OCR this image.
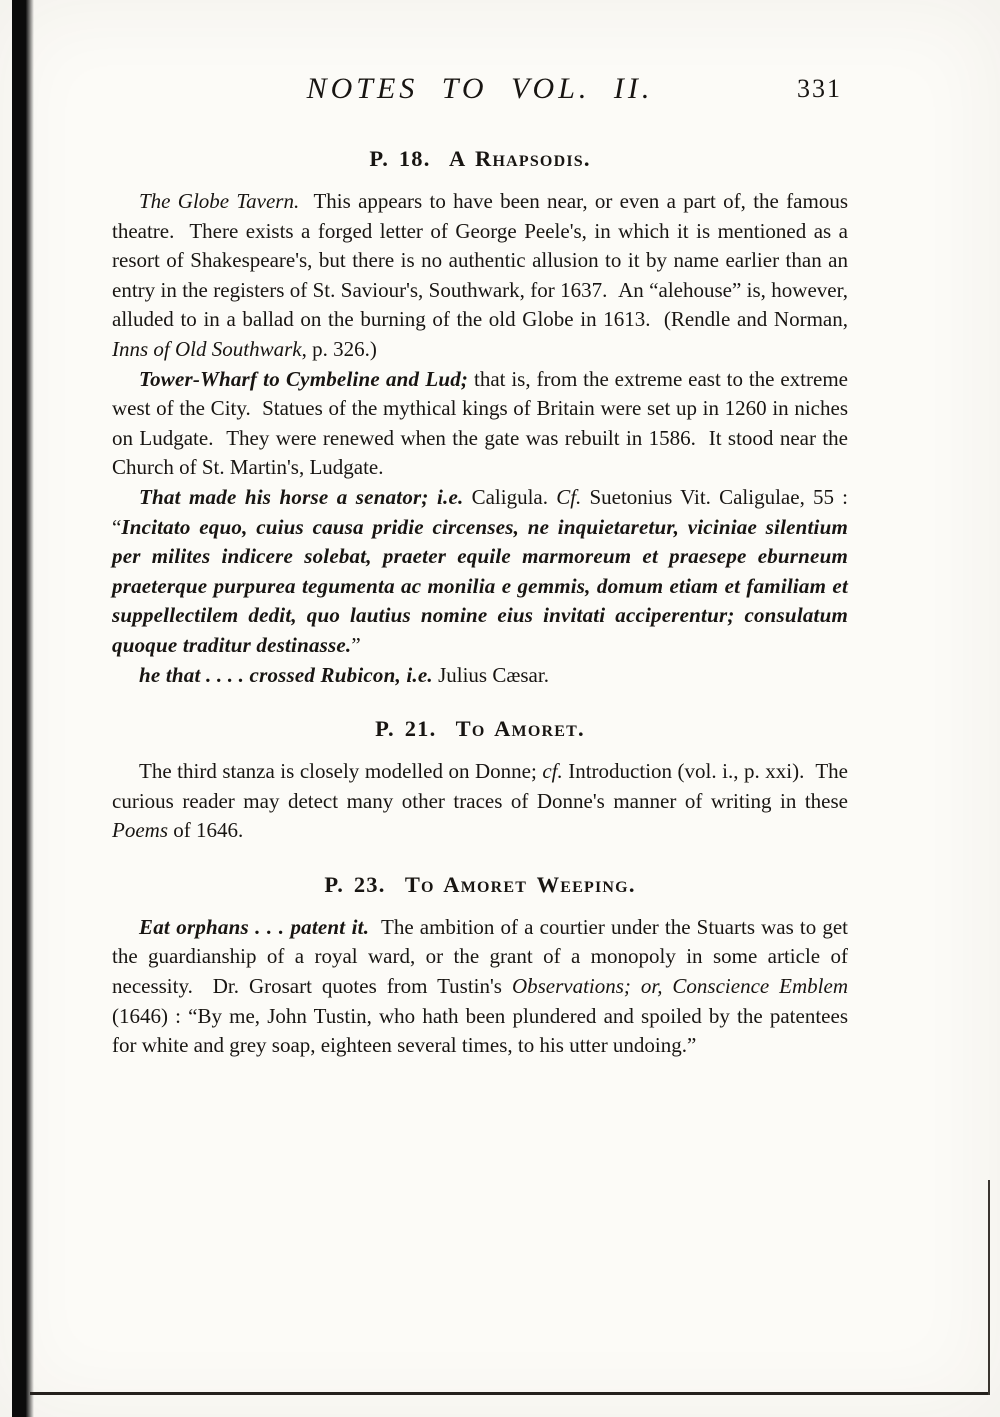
NOTES TO VOL. II.	331
P. 18.  A Rhapsodis.

The Globe Tavern.  This appears to have been near, or even a part of, the famous theatre.  There exists a forged letter of George Peele's, in which it is mentioned as a resort of Shakespeare's, but there is no authentic allusion to it by name earlier than an entry in the registers of St. Saviour's, Southwark, for 1637.  An “alehouse” is, however, alluded to in a ballad on the burning of the old Globe in 1613.  (Rendle and Norman, Inns of Old Southwark, p. 326.)

Tower-Wharf to Cymbeline and Lud; that is, from the extreme east to the extreme west of the City.  Statues of the mythical kings of Britain were set up in 1260 in niches on Ludgate.  They were renewed when the gate was rebuilt in 1586.  It stood near the Church of St. Martin's, Ludgate.

That made his horse a senator; i.e. Caligula. Cf. Suetonius Vit. Caligulae, 55 : “Incitato equo, cuius causa pridie circenses, ne inquietaretur, viciniae silentium per milites indicere solebat, praeter equile marmoreum et praesepe eburneum praeterque purpurea tegumenta ac monilia e gemmis, domum etiam et familiam et suppellectilem dedit, quo lautius nomine eius invitati acciperentur; consulatum quoque traditur destinasse.”

he that . . . . crossed Rubicon, i.e. Julius Cæsar.

P. 21.  To Amoret.

The third stanza is closely modelled on Donne; cf. Introduction (vol. i., p. xxi).  The curious reader may detect many other traces of Donne's manner of writing in these Poems of 1646.

P. 23.  To Amoret Weeping.

Eat orphans . . . patent it.  The ambition of a courtier under the Stuarts was to get the guardianship of a royal ward, or the grant of a monopoly in some article of necessity.  Dr. Grosart quotes from Tustin's Observations; or, Conscience Emblem (1646) : “By me, John Tustin, who hath been plundered and spoiled by the patentees for white and grey soap, eighteen several times, to his utter undoing.”
